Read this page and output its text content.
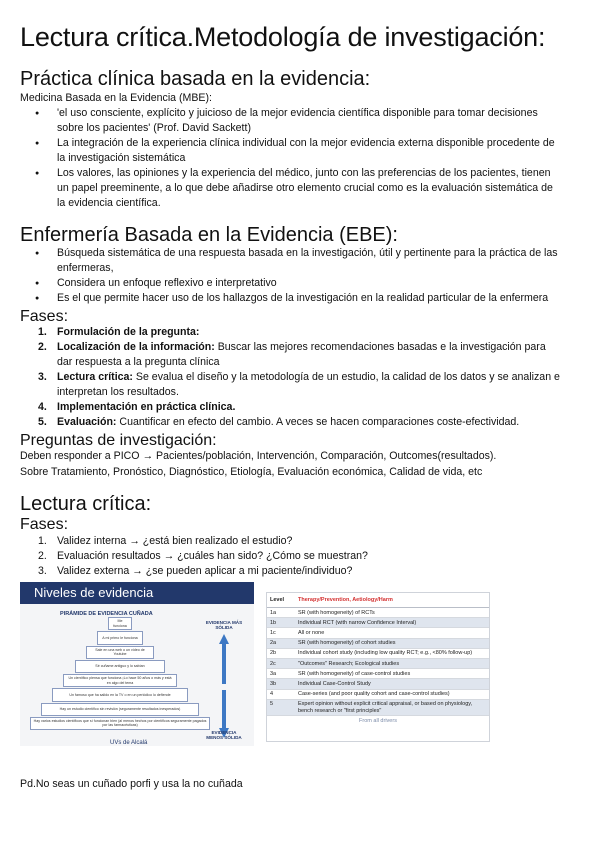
Lectura crítica.Metodología de investigación:
Práctica clínica basada en la evidencia:
Medicina Basada en la Evidencia (MBE):
● 'el uso consciente, explícito y juicioso de la mejor evidencia científica disponible para tomar decisiones
sobre los pacientes' (Prof. David Sackett)
● La integración de la experiencia clínica individual con la mejor evidencia externa disponible procedente de
la investigación sistemática
● Los valores, las opiniones y la experiencia del médico, junto con las preferencias de los pacientes, tienen
un papel preeminente, a lo que debe añadirse otro elemento crucial como es la evaluación sistemática de
la evidencia científica.
Enfermería Basada en la Evidencia (EBE):
● Búsqueda sistemática de una respuesta basada en la investigación, útil y pertinente para la práctica de las
enfermeras,
● Considera un enfoque reflexivo e interpretativo
● Es el que permite hacer uso de los hallazgos de la investigación en la realidad particular de la enfermera
Fases:
1. Formulación de la pregunta:
2. Localización de la información: Buscar las mejores recomendaciones basadas e la investigación para
dar respuesta a la pregunta clínica
3. Lectura crítica: Se evalua el diseño y la metodología de un estudio, la calidad de los datos y se analizan e
interpretan los resultados.
4. Implementación en práctica clínica.
5. Evaluación: Cuantificar en efecto del cambio. A veces se hacen comparaciones coste-efectividad.
Preguntas de investigación:
Deben responder a PICO → Pacientes/población, Intervención, Comparación, Outcomes(resultados).
Sobre Tratamiento, Pronóstico, Diagnóstico, Etiología, Evaluación económica, Calidad de vida, etc
Lectura crítica:
Fases:
1. Validez interna → ¿está bien realizado el estudio?
2. Evaluación resultados → ¿cuáles han sido? ¿Cómo se muestran?
3. Validez externa → ¿se pueden aplicar a mi paciente/individuo?
Niveles de evidencia
PIRÁMIDE DE EVIDENCIA CUÑADA
Me funciona
A mi primo le funciona
Sale en una web o un vídeo de Youtube
Sé cuñame antiguo y lo sabían
Un científico piensa que funciona ¡Lo hace 50 años o más y está en algo del tema
Un famoso que ha salido en la TV o en un periódico lo defiende
Hay un estudio científico sin revisión (seguramente resultados inesperados)
Hay varios estudios científicos que sí funcionan bien (al menos hechos por científicos seguramente pagados por las farmacéuticas)
EVIDENCIA MÁS SÓLIDA
EVIDENCIA MENOS SÓLIDA
UVs de Alcalá
Level	Therapy/Prevention, Aetiology/Harm
1a	SR (with homogeneity) of RCTs
1b	Individual RCT (with narrow Confidence Interval)
1c	All or none
2a	SR (with homogeneity) of cohort studies
2b	Individual cohort study (including low quality RCT; e.g., <80% follow-up)
2c	"Outcomes" Research; Ecological studies
3a	SR (with homogeneity) of case-control studies
3b	Individual Case-Control Study
4	Case-series (and poor quality cohort and case-control studies)
5	Expert opinion without explicit critical appraisal, or based on physiology, bench research or "first principles"
From all drivers	
Pd.No seas un cuñado porfi y usa la no cuñada
